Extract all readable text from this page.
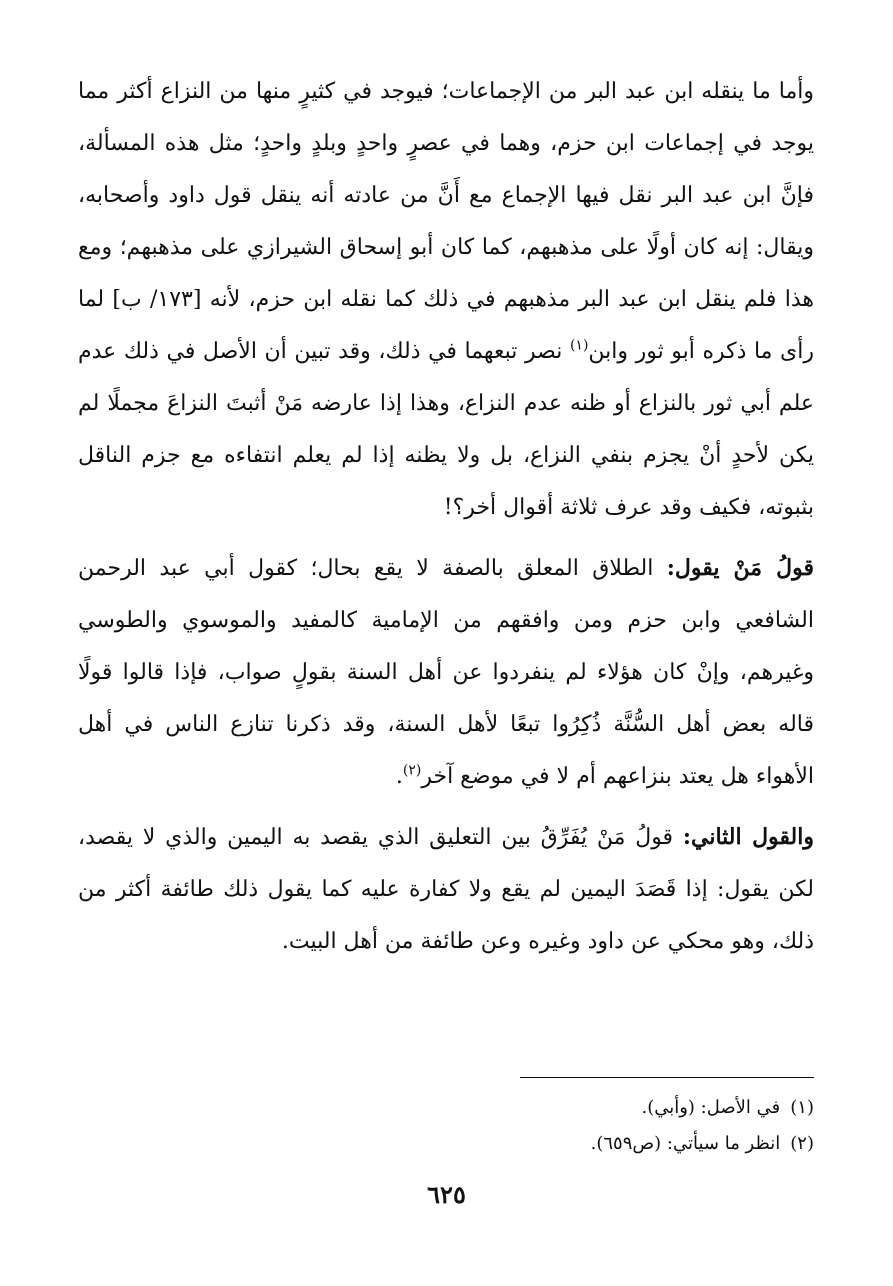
وأما ما ينقله ابن عبد البر من الإجماعات؛ فيوجد في كثيرٍ منها من النزاع أكثر مما يوجد في إجماعات ابن حزم، وهما في عصرٍ واحدٍ وبلدٍ واحدٍ؛ مثل هذه المسألة، فإنَّ ابن عبد البر نقل فيها الإجماع مع أَنَّ من عادته أنه ينقل قول داود وأصحابه، ويقال: إنه كان أولًا على مذهبهم، كما كان أبو إسحاق الشيرازي على مذهبهم؛ ومع هذا فلم ينقل ابن عبد البر مذهبهم في ذلك كما نقله ابن حزم، لأنه [١٧٣/ ب] لما رأى ما ذكره أبو ثور وابن$^{(١)}$ نصر تبعهما في ذلك، وقد تبين أن الأصل في ذلك عدم علم أبي ثور بالنزاع أو ظنه عدم النزاع، وهذا إذا عارضه مَنْ أثبتَ النزاعَ مجملًا لم يكن لأحدٍ أنْ يجزم بنفي النزاع، بل ولا يظنه إذا لم يعلم انتفاءه مع جزم الناقل بثبوته، فكيف وقد عرف ثلاثة أقوال أخر؟!

قولُ مَنْ يقول: الطلاق المعلق بالصفة لا يقع بحال؛ كقول أبي عبد الرحمن الشافعي وابن حزم ومن وافقهم من الإمامية كالمفيد والموسوي والطوسي وغيرهم، وإنْ كان هؤلاء لم ينفردوا عن أهل السنة بقولٍ صواب، فإذا قالوا قولًا قاله بعض أهل السُّنَّة ذُكِرُوا تبعًا لأهل السنة، وقد ذكرنا تنازع الناس في أهل الأهواء هل يعتد بنزاعهم أم لا في موضع آخر$^{(٢)}$.

والقول الثاني: قولُ مَنْ يُفَرِّقُ بين التعليق الذي يقصد به اليمين والذي لا يقصد، لكن يقول: إذا قَصَدَ اليمين لم يقع ولا كفارة عليه كما يقول ذلك طائفة أكثر من ذلك، وهو محكي عن داود وغيره وعن طائفة من أهل البيت.

(١)في الأصل: (وأبي).

(٢)انظر ما سيأتي: (ص٦٥٩).

٦٢٥
